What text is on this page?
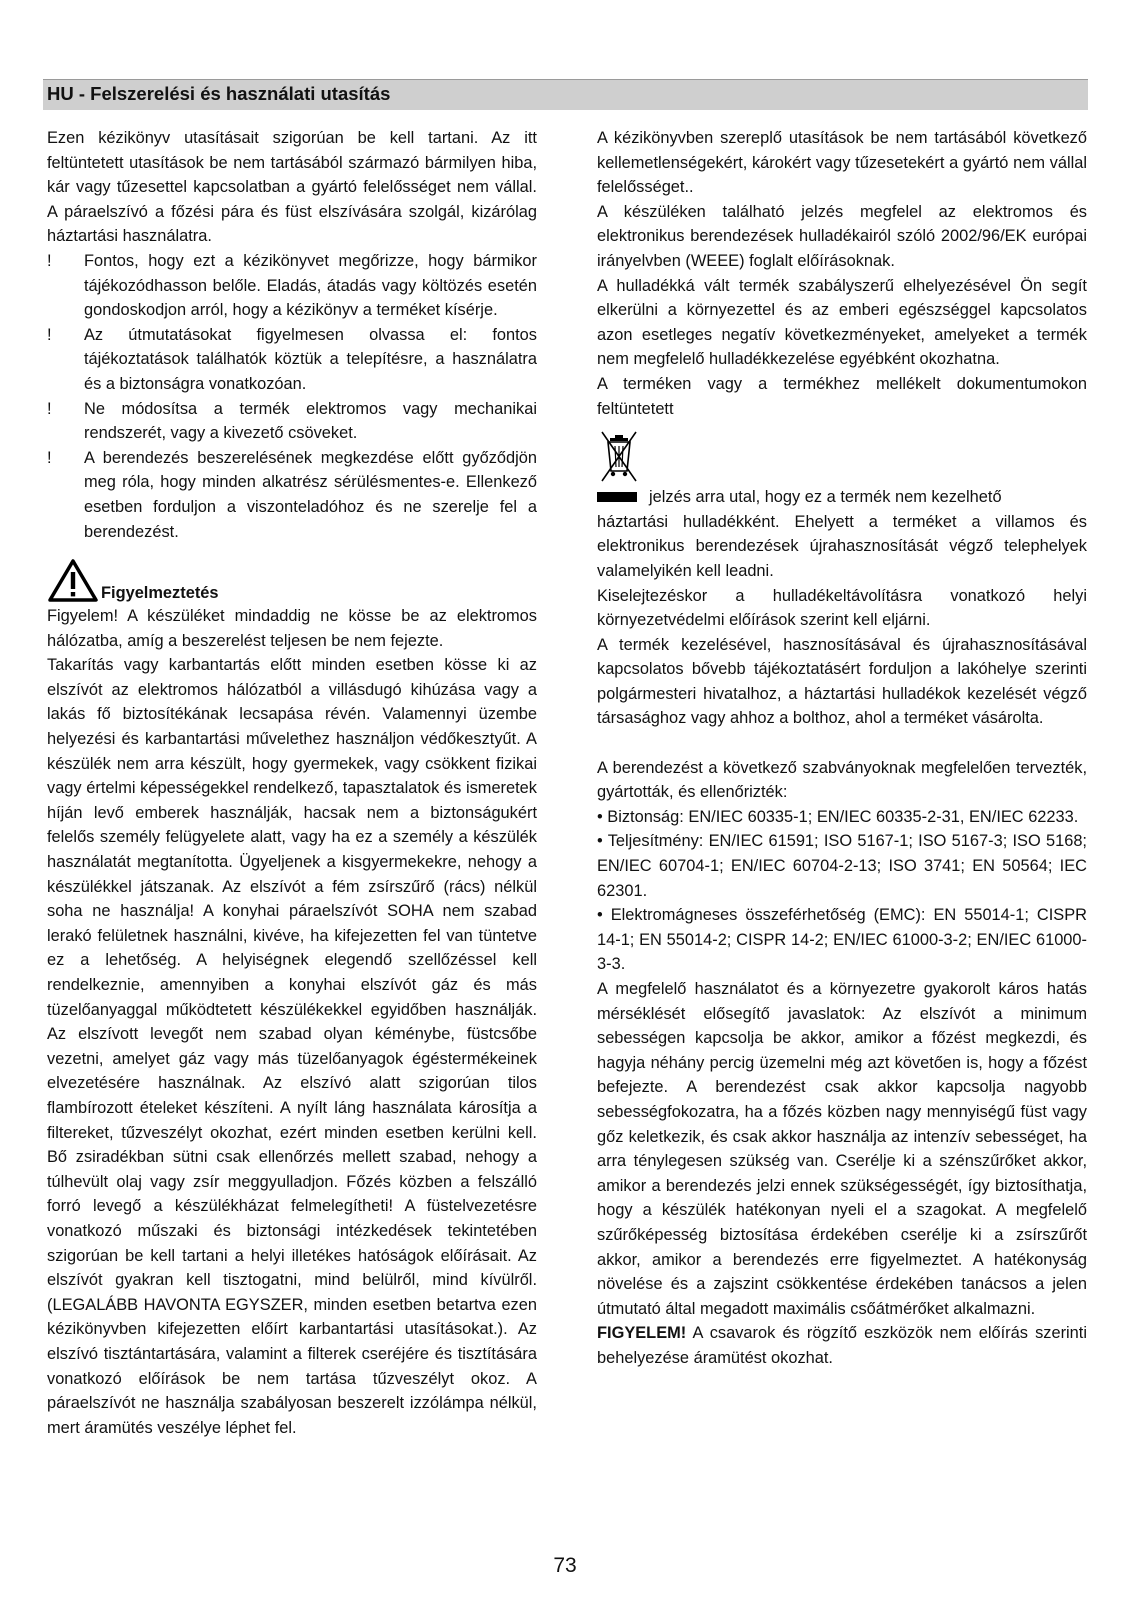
HU - Felszerelési és használati utasítás

Ezen kézikönyv utasításait szigorúan be kell tartani. Az itt feltüntetett utasítások be nem tartásából származó bármilyen hiba, kár vagy tűzesettel kapcsolatban a gyártó felelősséget nem vállal. A páraelszívó a főzési pára és füst elszívására szolgál, kizárólag háztartási használatra.

!	Fontos, hogy ezt a kézikönyvet megőrizze, hogy bármikor tájékozódhasson belőle. Eladás, átadás vagy költözés esetén gondoskodjon arról, hogy a kézikönyv a terméket kísérje.
!	Az útmutatásokat figyelmesen olvassa el: fontos tájékoztatások találhatók köztük a telepítésre, a használatra és a biztonságra vonatkozóan.
!	Ne módosítsa a termék elektromos vagy mechanikai rendszerét, vagy a kivezető csöveket.
!	A berendezés beszerelésének megkezdése előtt győződjön meg róla, hogy minden alkatrész sérülésmentes-e. Ellenkező esetben forduljon a viszonteladóhoz és ne szerelje fel a berendezést.
Figyelmeztetés

Figyelem! A készüléket mindaddig ne kösse be az elektromos hálózatba, amíg a beszerelést teljesen be nem fejezte.

Takarítás vagy karbantartás előtt minden esetben kösse ki az elszívót az elektromos hálózatból a villásdugó kihúzása vagy a lakás fő biztosítékának lecsapása révén. Valamennyi üzembe helyezési és karbantartási művelethez használjon védőkesztyűt. A készülék nem arra készült, hogy gyermekek, vagy csökkent fizikai vagy értelmi képességekkel rendelkező, tapasztalatok és ismeretek híján levő emberek használják, hacsak nem a biztonságukért felelős személy felügyelete alatt, vagy ha ez a személy a készülék használatát megtanította. Ügyeljenek a kisgyermekekre, nehogy a készülékkel játszanak. Az elszívót a fém zsírszűrő (rács) nélkül soha ne használja! A konyhai páraelszívót SOHA nem szabad lerakó felületnek használni, kivéve, ha kifejezetten fel van tüntetve ez a lehetőség. A helyiségnek elegendő szellőzéssel kell rendelkeznie, amennyiben a konyhai elszívót gáz és más tüzelőanyaggal működtetett készülékekkel egyidőben használják. Az elszívott levegőt nem szabad olyan kéménybe, füstcsőbe vezetni, amelyet gáz vagy más tüzelőanyagok égéstermékeinek elvezetésére használnak. Az elszívó alatt szigorúan tilos flambírozott ételeket készíteni. A nyílt láng használata károsítja a filtereket, tűzveszélyt okozhat, ezért minden esetben kerülni kell. Bő zsiradékban sütni csak ellenőrzés mellett szabad, nehogy a túlhevült olaj vagy zsír meggyulladjon. Főzés közben a felszálló forró levegő a készülékházat felmelegítheti! A füstelvezetésre vonatkozó műszaki és biztonsági intézkedések tekintetében szigorúan be kell tartani a helyi illetékes hatóságok előírásait. Az elszívót gyakran kell tisztogatni, mind belülről, mind kívülről. (LEGALÁBB HAVONTA EGYSZER, minden esetben betartva ezen kézikönyvben kifejezetten előírt karbantartási utasításokat.). Az elszívó tisztántartására, valamint a filterek cseréjére és tisztítására vonatkozó előírások be nem tartása tűzveszélyt okoz. A páraelszívót ne használja szabályosan beszerelt izzólámpa nélkül, mert áramütés veszélye léphet fel.

A kézikönyvben szereplő utasítások be nem tartásából következő kellemetlenségekért, károkért vagy tűzesetekért a gyártó nem vállal felelősséget..

A készüléken található jelzés megfelel az elektromos és elektronikus berendezések hulladékairól szóló 2002/96/EK európai irányelvben (WEEE) foglalt előírásoknak.

A hulladékká vált termék szabályszerű elhelyezésével Ön segít elkerülni a környezettel és az emberi egészséggel kapcsolatos azon esetleges negatív következményeket, amelyeket a termék nem megfelelő hulladékkezelése egyébként okozhatna.

A terméken vagy a termékhez mellékelt dokumentumokon feltüntetett

jelzés arra utal, hogy ez a termék nem kezelhető

háztartási hulladékként. Ehelyett a terméket a villamos és elektronikus berendezések újrahasznosítását végző telephelyek valamelyikén kell leadni.

Kiselejtezéskor a hulladékeltávolításra vonatkozó helyi környezetvédelmi előírások szerint kell eljárni.

A termék kezelésével, hasznosításával és újrahasznosításával kapcsolatos bővebb tájékoztatásért forduljon a lakóhelye szerinti polgármesteri hivatalhoz, a háztartási hulladékok kezelését végző társasághoz vagy ahhoz a bolthoz, ahol a terméket vásárolta.

A berendezést a következő szabványoknak megfelelően tervezték, gyártották, és ellenőrizték:

• Biztonság: EN/IEC 60335-1; EN/IEC 60335-2-31, EN/IEC 62233.

• Teljesítmény: EN/IEC 61591; ISO 5167-1; ISO 5167-3; ISO 5168; EN/IEC 60704-1; EN/IEC 60704-2-13; ISO 3741; EN 50564; IEC 62301.

• Elektromágneses összeférhetőség (EMC): EN 55014-1; CISPR 14-1; EN 55014-2; CISPR 14-2; EN/IEC 61000-3-2; EN/IEC 61000-3-3.

A megfelelő használatot és a környezetre gyakorolt káros hatás mérséklését elősegítő javaslatok: Az elszívót a minimum sebességen kapcsolja be akkor, amikor a főzést megkezdi, és hagyja néhány percig üzemelni még azt követően is, hogy a főzést befejezte. A berendezést csak akkor kapcsolja nagyobb sebességfokozatra, ha a főzés közben nagy mennyiségű füst vagy gőz keletkezik, és csak akkor használja az intenzív sebességet, ha arra ténylegesen szükség van. Cserélje ki a szénszűrőket akkor, amikor a berendezés jelzi ennek szükségességét, így biztosíthatja, hogy a készülék hatékonyan nyeli el a szagokat. A megfelelő szűrőképesség biztosítása érdekében cserélje ki a zsírszűrőt akkor, amikor a berendezés erre figyelmeztet. A hatékonyság növelése és a zajszint csökkentése érdekében tanácsos a jelen útmutató által megadott maximális csőátmérőket alkalmazni.

FIGYELEM! A csavarok és rögzítő eszközök nem előírás szerinti behelyezése áramütést okozhat.

73
